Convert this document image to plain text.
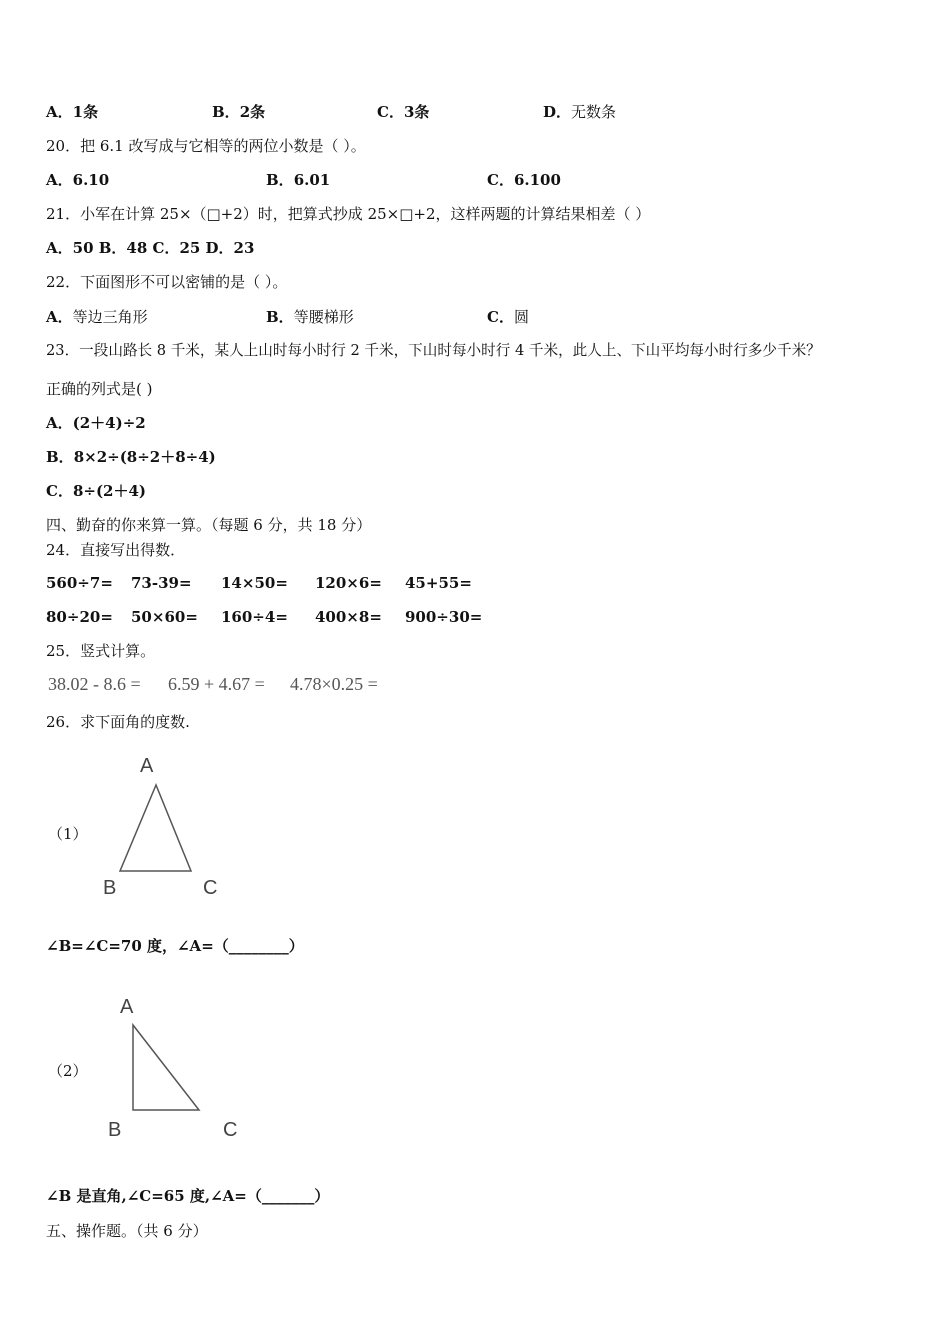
A．1条	B．2条	C．3条	D．无数条
20．把 6.1 改写成与它相等的两位小数是（ ）。
A．6.10	B．6.01	C．6.100
21．小军在计算 25×（□+2）时，把算式抄成 25×□+2，这样两题的计算结果相差（ ）
A．50 B．48 C．25 D．23
22．下面图形不可以密铺的是（ ）。
A．等边三角形	B．等腰梯形	C．圆
23．一段山路长 8 千米，某人上山时每小时行 2 千米，下山时每小时行 4 千米，此人上、下山平均每小时行多少千米？
正确的列式是( )
A．(2＋4)÷2
B．8×2÷(8÷2＋8÷4)
C．8÷(2＋4)
四、勤奋的你来算一算。（每题 6 分，共 18 分）
24．直接写出得数．
560÷7= 73-39= 14×50= 120×6= 45+55=
80÷20= 50×60= 160÷4= 400×8= 900÷30=
25．竖式计算。
38.02 - 8.6 = 6.59 + 4.67 = 4.78×0.25 =
26．求下面角的度数.
（1）
A
B	C
∠B=∠C=70 度，∠A=（________）
（2）
A
B	C
∠B 是直角,∠C=65 度,∠A=（_______）
五、操作题。（共 6 分）
